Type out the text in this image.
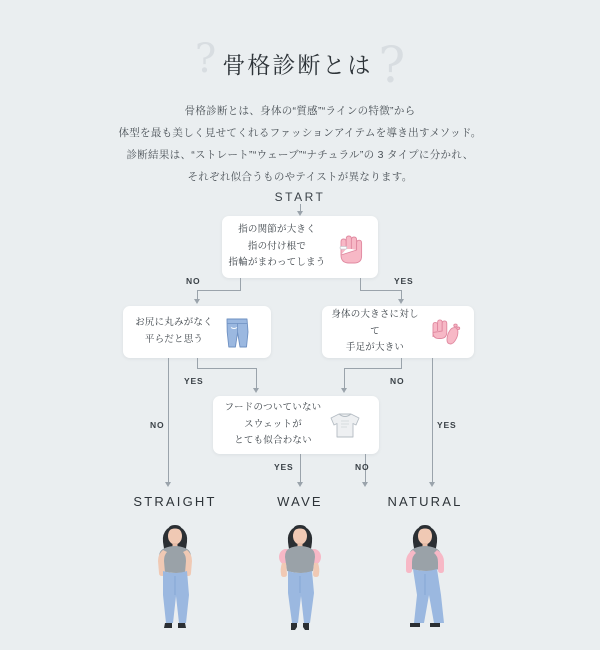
? 骨格診断とは ?
骨格診断とは、身体の“質感”“ラインの特徴”から
体型を最も美しく見せてくれるファッションアイテムを導き出すメソッド。
診断結果は、“ストレート”“ウェーブ”“ナチュラル”の 3 タイプに分かれ、
それぞれ似合うものやテイストが異なります。
START
指の関節が大きく
指の付け根で
指輪がまわってしまう
NO	YES
お尻に丸みがなく
平らだと思う
身体の大きさに対して
手足が大きい
YES
NO
NO
YES
フードのついていない
スウェットが
とても似合わない
YES	NO
STRAIGHT	WAVE	NATURAL
